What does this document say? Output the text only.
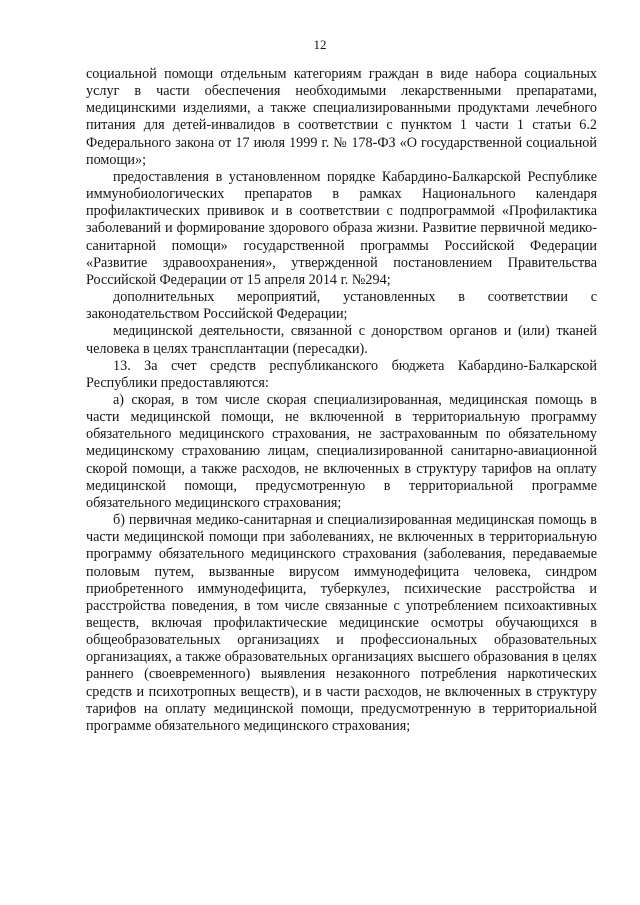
12

социальной помощи отдельным категориям граждан в виде набора социальных услуг в части обеспечения необходимыми лекарственными препаратами, медицинскими изделиями, а также специализированными продуктами лечебного питания для детей-инвалидов в соответствии с пунктом 1 части 1 статьи 6.2 Федерального закона от 17 июля 1999 г. № 178-ФЗ «О государственной социальной помощи»;

предоставления в установленном порядке Кабардино-Балкарской Республике иммунобиологических препаратов в рамках Национального календаря профилактических прививок и в соответствии с подпрограммой «Профилактика заболеваний и формирование здорового образа жизни. Развитие первичной медико-санитарной помощи» государственной программы Российской Федерации «Развитие здравоохранения», утвержденной постановлением Правительства Российской Федерации от 15 апреля 2014 г. №294;

дополнительных мероприятий, установленных в соответствии с законодательством Российской Федерации;

медицинской деятельности, связанной с донорством органов и (или) тканей человека в целях трансплантации (пересадки).

13. За счет средств республиканского бюджета Кабардино-Балкарской Республики предоставляются:

а) скорая, в том числе скорая специализированная, медицинская помощь в части медицинской помощи, не включенной в территориальную программу обязательного медицинского страхования, не застрахованным по обязательному медицинскому страхованию лицам, специализированной санитарно-авиационной скорой помощи, а также расходов, не включенных в структуру тарифов на оплату медицинской помощи, предусмотренную в территориальной программе обязательного медицинского страхования;

б) первичная медико-санитарная и специализированная медицинская помощь в части медицинской помощи при заболеваниях, не включенных в территориальную программу обязательного медицинского страхования (заболевания, передаваемые половым путем, вызванные вирусом иммунодефицита человека, синдром приобретенного иммунодефицита, туберкулез, психические расстройства и расстройства поведения, в том числе связанные с употреблением психоактивных веществ, включая профилактические медицинские осмотры обучающихся в общеобразовательных организациях и профессиональных образовательных организациях, а также образовательных организациях высшего образования в целях раннего (своевременного) выявления незаконного потребления наркотических средств и психотропных веществ), и в части расходов, не включенных в структуру тарифов на оплату медицинской помощи, предусмотренную в территориальной программе обязательного медицинского страхования;
